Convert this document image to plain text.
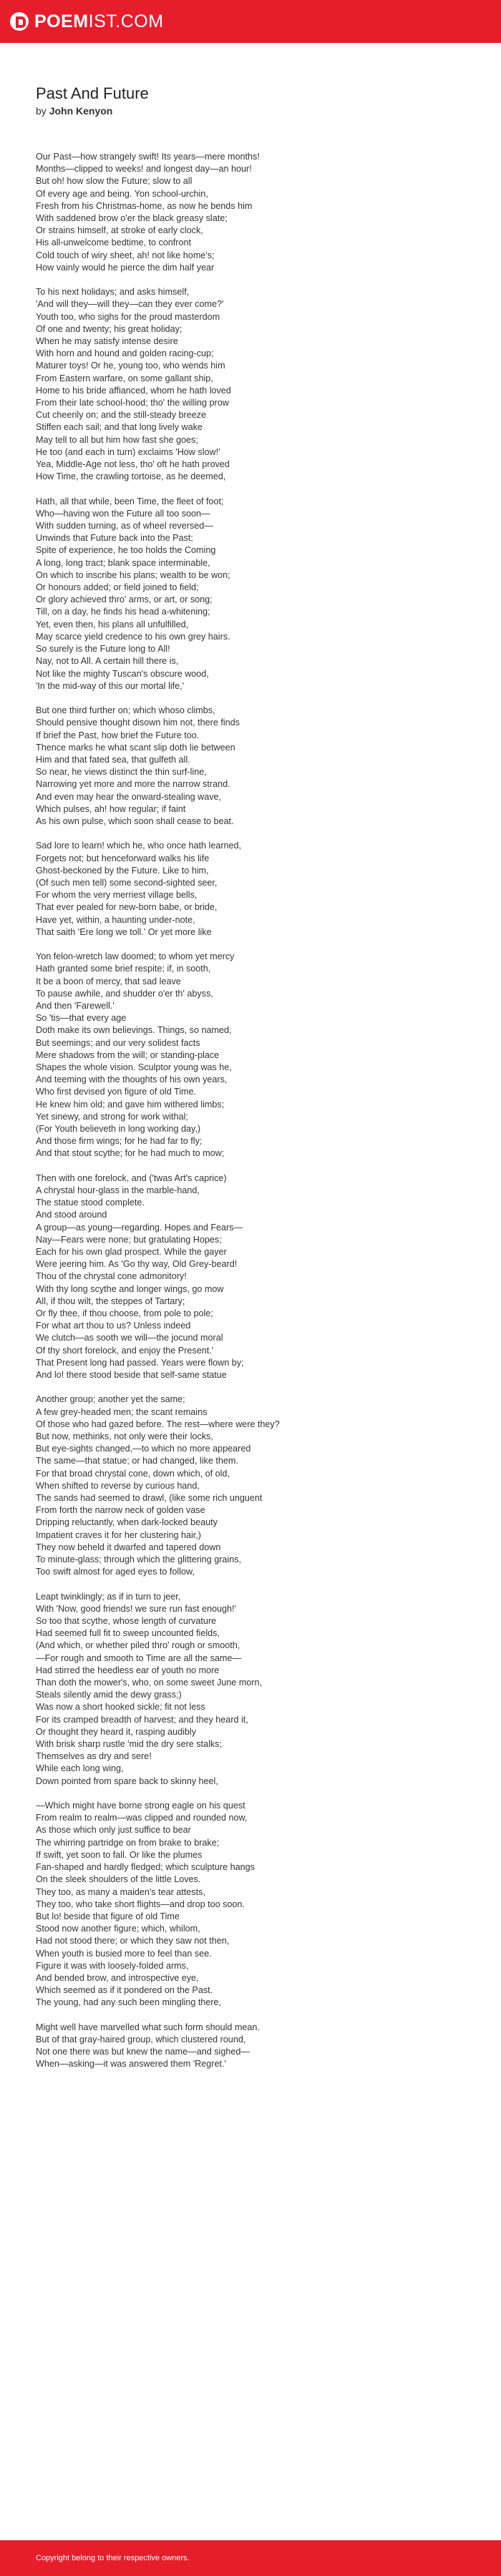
POEMIST.COM
Past And Future
by John Kenyon
Our Past—how strangely swift! Its years—mere months!
Months—clipped to weeks! and longest day—an hour!
But oh! how slow the Future; slow to all
Of every age and being. Yon school-urchin,
Fresh from his Christmas-home, as now he bends him
With saddened brow o'er the black greasy slate;
Or strains himself, at stroke of early clock,
His all-unwelcome bedtime, to confront
Cold touch of wiry sheet, ah! not like home's;
How vainly would he pierce the dim half year
To his next holidays; and asks himself,
'And will they—will they—can they ever come?'
Youth too, who sighs for the proud masterdom
Of one and twenty; his great holiday;
When he may satisfy intense desire
With horn and hound and golden racing-cup;
Maturer toys! Or he, young too, who wends him
From Eastern warfare, on some gallant ship,
Home to his bride affianced, whom he hath loved
From their late school-hood; tho' the willing prow
Cut cheerily on; and the still-steady breeze
Stiffen each sail; and that long lively wake
May tell to all but him how fast she goes;
He too (and each in turn) exclaims 'How slow!'
Yea, Middle-Age not less, tho' oft he hath proved
How Time, the crawling tortoise, as he deemed,
Hath, all that while, been Time, the fleet of foot;
Who—having won the Future all too soon—
With sudden turning, as of wheel reversed—
Unwinds that Future back into the Past;
Spite of experience, he too holds the Coming
A long, long tract; blank space interminable,
On which to inscribe his plans; wealth to be won;
Or honours added; or field joined to field;
Or glory achieved thro' arms, or art, or song;
Till, on a day, he finds his head a-whitening;
Yet, even then, his plans all unfulfilled,
May scarce yield credence to his own grey hairs.
So surely is the Future long to All!
Nay, not to All. A certain hill there is,
Not like the mighty Tuscan's obscure wood,
'In the mid-way of this our mortal life,'
But one third further on; which whoso climbs,
Should pensive thought disown him not, there finds
If brief the Past, how brief the Future too.
Thence marks he what scant slip doth lie between
Him and that fated sea, that gulfeth all.
So near, he views distinct the thin surf-line,
Narrowing yet more and more the narrow strand.
And even may hear the onward-stealing wave,
Which pulses, ah! how regular; if faint
As his own pulse, which soon shall cease to beat.
Sad lore to learn! which he, who once hath learned,
Forgets not; but henceforward walks his life
Ghost-beckoned by the Future. Like to him,
(Of such men tell) some second-sighted seer,
For whom the very merriest village bells,
That ever pealed for new-born babe, or bride,
Have yet, within, a haunting under-note,
That saith 'Ere long we toll.' Or yet more like
Yon felon-wretch law doomed; to whom yet mercy
Hath granted some brief respite; if, in sooth,
It be a boon of mercy, that sad leave
To pause awhile, and shudder o'er th' abyss,
And then 'Farewell.'
So 'tis—that every age
Doth make its own believings. Things, so named,
But seemings; and our very solidest facts
Mere shadows from the will; or standing-place
Shapes the whole vision. Sculptor young was he,
And teeming with the thoughts of his own years,
Who first devised yon figure of old Time.
He knew him old; and gave him withered limbs;
Yet sinewy, and strong for work withal;
(For Youth believeth in long working day,)
And those firm wings; for he had far to fly;
And that stout scythe; for he had much to mow;
Then with one forelock, and ('twas Art's caprice)
A chrystal hour-glass in the marble-hand,
The statue stood complete.
And stood around
A group—as young—regarding. Hopes and Fears—
Nay—Fears were none; but gratulating Hopes;
Each for his own glad prospect. While the gayer
Were jeering him. As 'Go thy way, Old Grey-beard!
Thou of the chrystal cone admonitory!
With thy long scythe and longer wings, go mow
All, if thou wilt, the steppes of Tartary;
Or fly thee, if thou choose, from pole to pole;
For what art thou to us? Unless indeed
We clutch—as sooth we will—the jocund moral
Of thy short forelock, and enjoy the Present.'
That Present long had passed. Years were flown by;
And lo! there stood beside that self-same statue
Another group; another yet the same;
A few grey-headed men; the scant remains
Of those who had gazed before. The rest—where were they?
But now, methinks, not only were their locks,
But eye-sights changed,—to which no more appeared
The same—that statue; or had changed, like them.
For that broad chrystal cone, down which, of old,
When shifted to reverse by curious hand,
The sands had seemed to drawl, (like some rich unguent
From forth the narrow neck of golden vase
Dripping reluctantly, when dark-locked beauty
Impatient craves it for her clustering hair,)
They now beheld it dwarfed and tapered down
To minute-glass; through which the glittering grains,
Too swift almost for aged eyes to follow,
Leapt twinklingly; as if in turn to jeer,
With 'Now, good friends! we sure run fast enough!'
So too that scythe, whose length of curvature
Had seemed full fit to sweep uncounted fields,
(And which, or whether piled thro' rough or smooth,
—For rough and smooth to Time are all the same—
Had stirred the heedless ear of youth no more
Than doth the mower's, who, on some sweet June morn,
Steals silently amid the dewy grass;)
Was now a short hooked sickle; fit not less
For its cramped breadth of harvest; and they heard it,
Or thought they heard it, rasping audibly
With brisk sharp rustle 'mid the dry sere stalks;
Themselves as dry and sere!
While each long wing,
Down pointed from spare back to skinny heel,
—Which might have borne strong eagle on his quest
From realm to realm—was clipped and rounded now,
As those which only just suffice to bear
The whirring partridge on from brake to brake;
If swift, yet soon to fall. Or like the plumes
Fan-shaped and hardly fledged; which sculpture hangs
On the sleek shoulders of the little Loves.
They too, as many a maiden's tear attests,
They too, who take short flights—and drop too soon.
But lo! beside that figure of old Time
Stood now another figure; which, whilom,
Had not stood there; or which they saw not then,
When youth is busied more to feel than see.
Figure it was with loosely-folded arms,
And bended brow, and introspective eye,
Which seemed as if it pondered on the Past.
The young, had any such been mingling there,
Might well have marvelled what such form should mean.
But of that gray-haired group, which clustered round,
Not one there was but knew the name—and sighed—
When—asking—it was answered them 'Regret.'
Copyright belong to their respective owners.
